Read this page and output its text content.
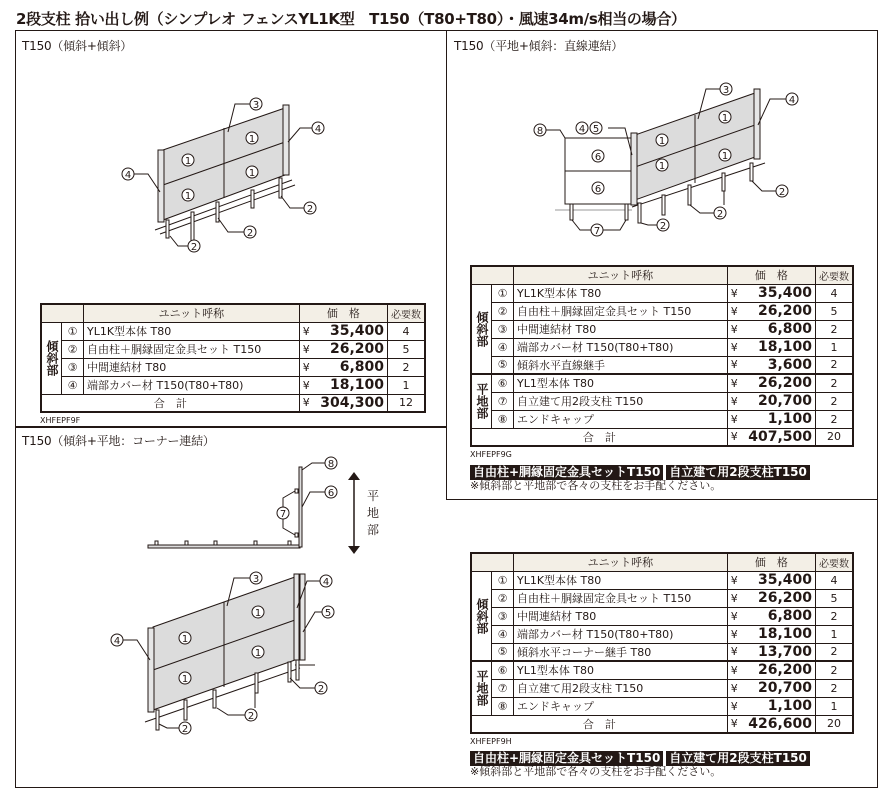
2段支柱 拾い出し例（シンプレオ フェンスYL1K型　T150（T80+T80）・風速34m/s相当の場合）
T150（傾斜+傾斜）
3
4
4
1
1
1
1
2
2
2
		ユニット呼称	価　格		必要数
傾斜部	①	YL1K型本体 T80	¥	35,400	4
	②	自由柱＋胴縁固定金具セット T150	¥	26,200	5
	③	中間連結材 T80	¥	6,800	2
	④	端部カバー材 T150(T80+T80)	¥	18,100	1
合　計			¥	304,300	12
XHFEPF9F
T150（平地+傾斜：直線連結）
8	4 5
3
4
6
6
1
1
1
1
7	2
2
2
		ユニット呼称	価　格		必要数
傾斜部	①	YL1K型本体 T80	¥	35,400	4
	②	自由柱＋胴縁固定金具セット T150	¥	26,200	5
	③	中間連結材 T80	¥	6,800	2
	④	端部カバー材 T150(T80+T80)	¥	18,100	1
	⑤	傾斜水平直線継手	¥	3,600	2
平地部	⑥	YL1型本体 T80	¥	26,200	2
	⑦	自立建て用2段支柱 T150	¥	20,700	2
	⑧	エンドキャップ	¥	1,100	2
合　計			¥	407,500	20
XHFEPF9G
自由柱+胴縁固定金具セットT150 自立建て用2段支柱T150
※傾斜部と平地部で各々の支柱をお手配ください。
T150（傾斜+平地：コーナー連結）
8
6
7
平地部
3	4
5
4	1
1
1
1
2
2
2
		ユニット呼称	価　格		必要数
傾斜部	①	YL1K型本体 T80	¥	35,400	4
	②	自由柱＋胴縁固定金具セット T150	¥	26,200	5
	③	中間連結材 T80	¥	6,800	2
	④	端部カバー材 T150(T80+T80)	¥	18,100	1
	⑤	傾斜水平コーナー継手 T80	¥	13,700	2
平地部	⑥	YL1型本体 T80	¥	26,200	2
	⑦	自立建て用2段支柱 T150	¥	20,700	2
	⑧	エンドキャップ	¥	1,100	1
合　計			¥	426,600	20
XHFEPF9H
自由柱+胴縁固定金具セットT150 自立建て用2段支柱T150
※傾斜部と平地部で各々の支柱をお手配ください。
